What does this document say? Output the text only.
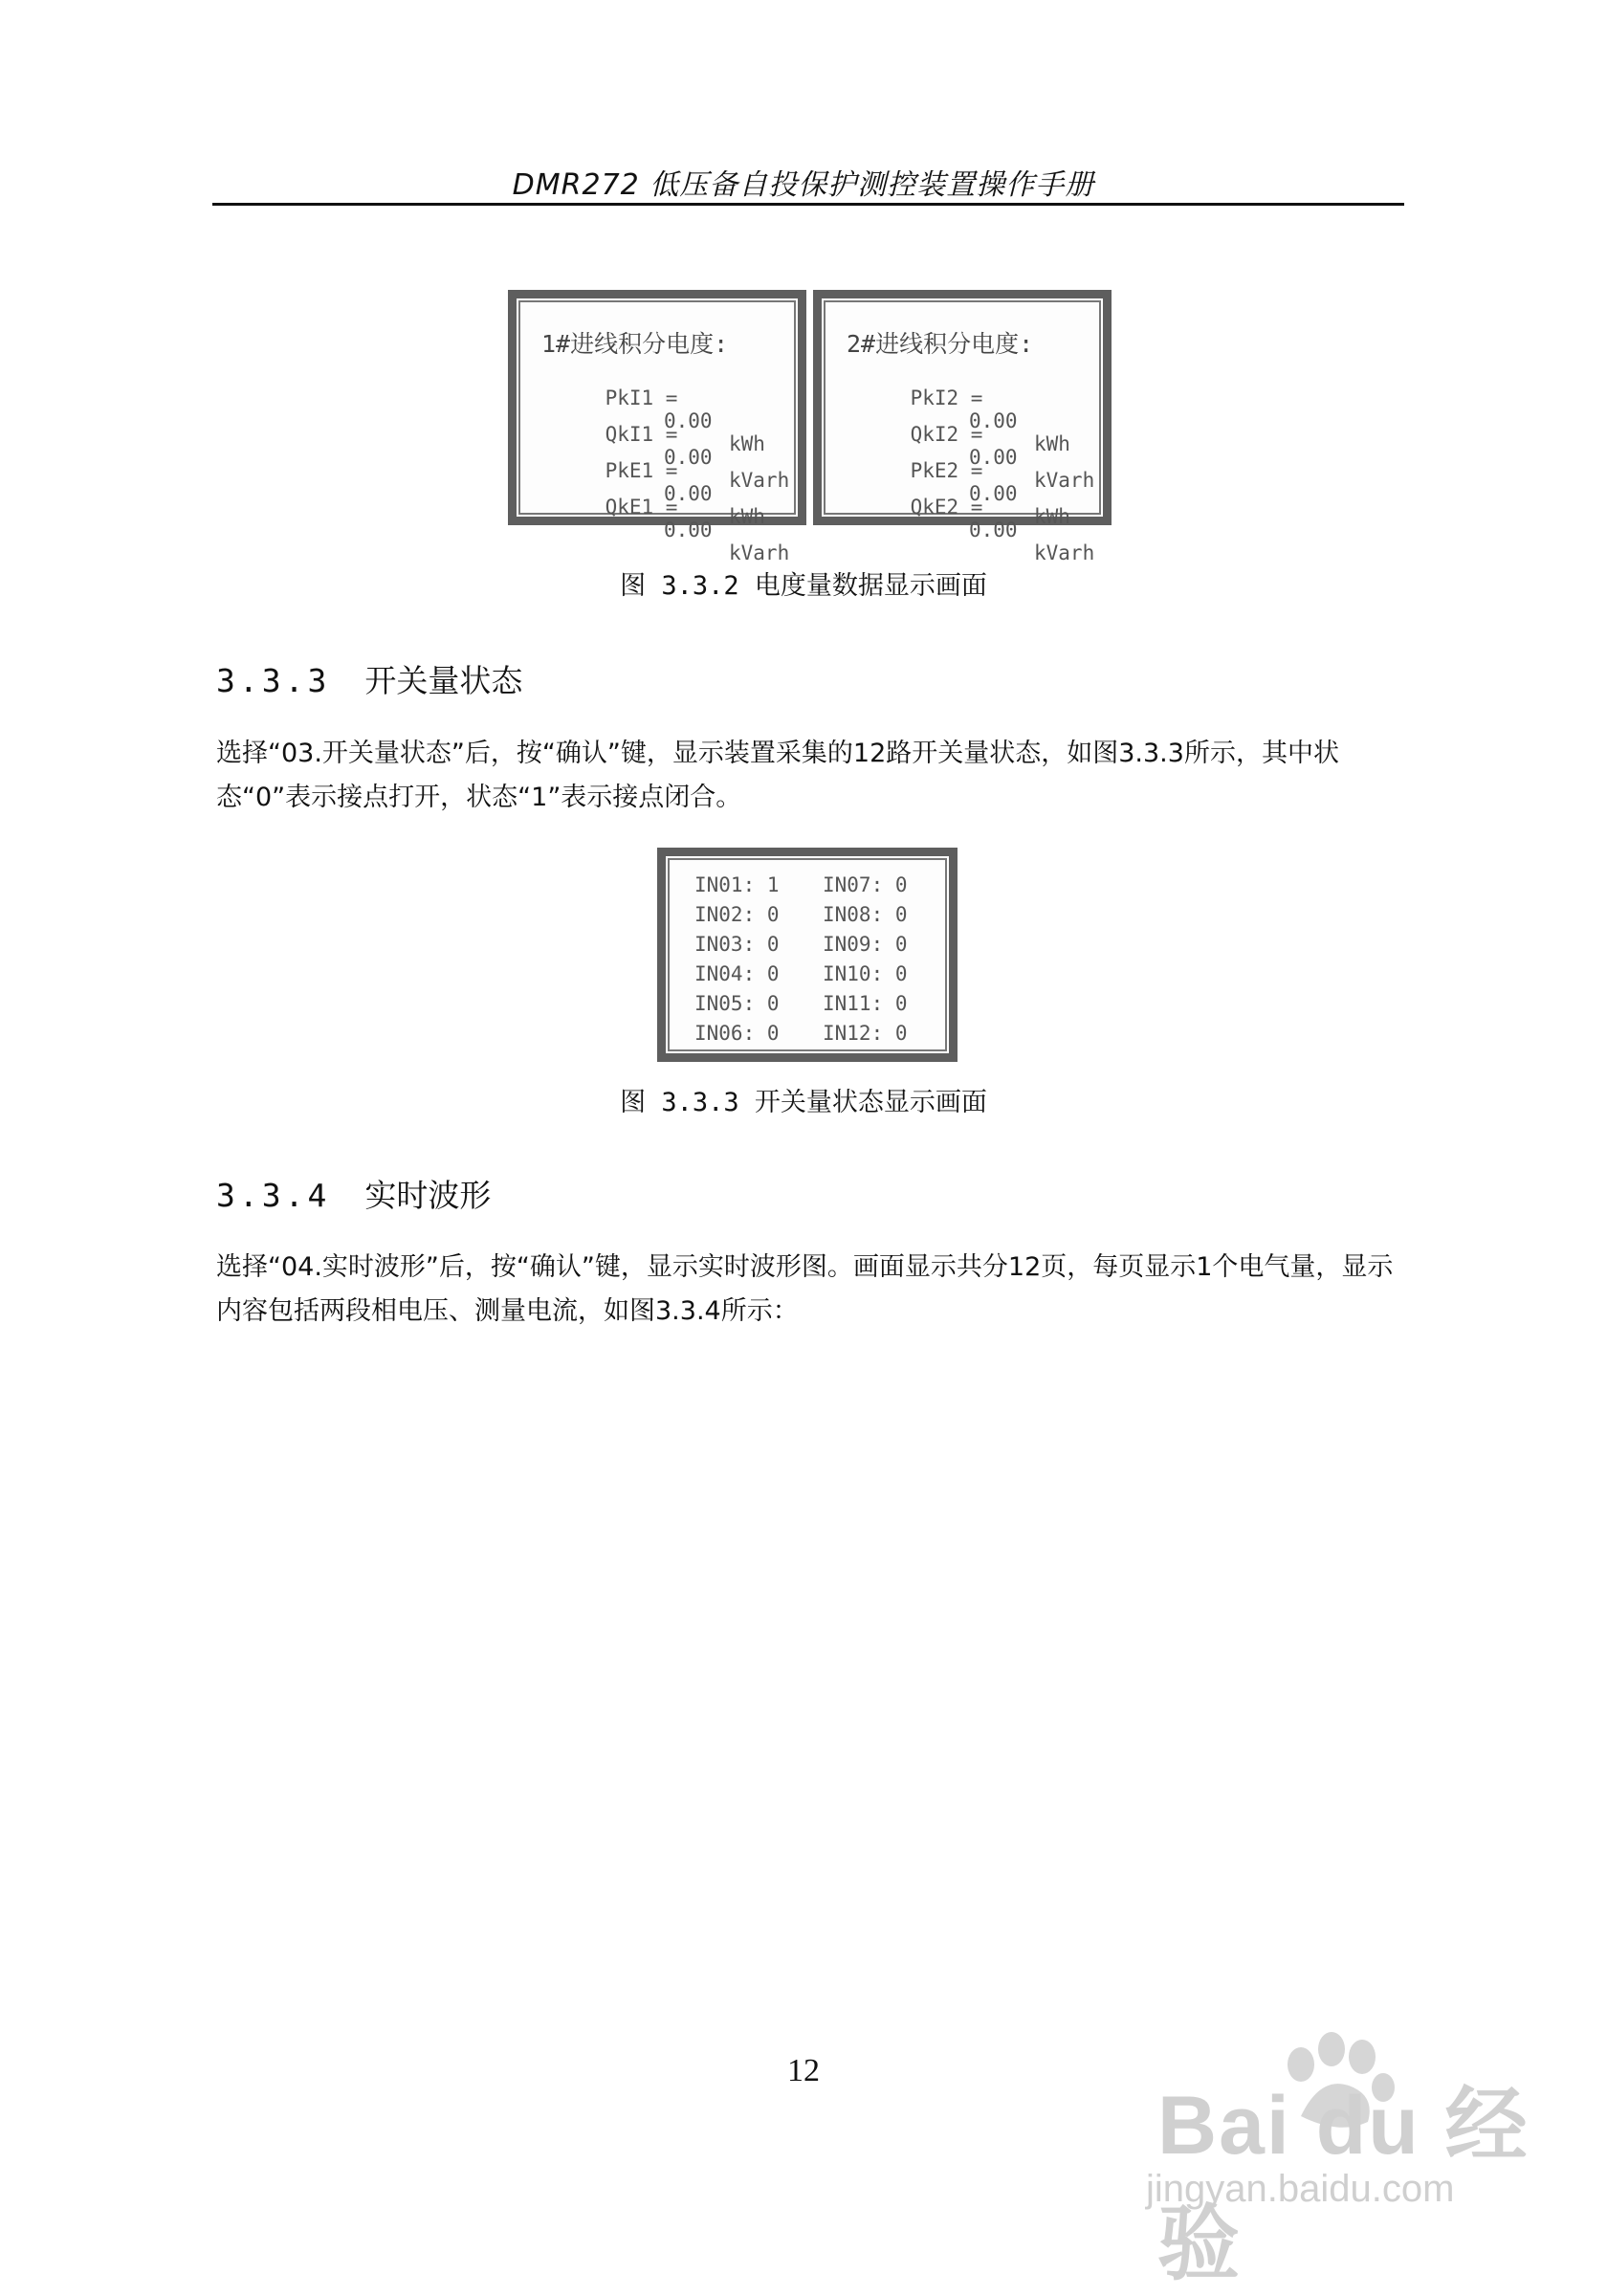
DMR272 低压备自投保护测控装置操作手册
1#进线积分电度:

PkI1 =

0.00

kWh

QkI1 =

0.00

kVarh

PkE1 =

0.00

kWh

QkE1 =

0.00

kVarh

2#进线积分电度:

PkI2 =

0.00

kWh

QkI2 =

0.00

kVarh

PkE2 =

0.00

kWh

QkE2 =

0.00

kVarh

图 3.3.2 电度量数据显示画面
3.3.3 开关量状态
选择“03.开关量状态”后，按“确认”键，显示装置采集的12路开关量状态，如图3.3.3所示，其中状态“0”表示接点打开，状态“1”表示接点闭合。
IN01: 1
IN02: 0
IN03: 0
IN04: 0
IN05: 0
IN06: 0
IN07: 0
IN08: 0
IN09: 0
IN10: 0
IN11: 0
IN12: 0
图 3.3.3 开关量状态显示画面
3.3.4 实时波形
选择“04.实时波形”后，按“确认”键，显示实时波形图。画面显示共分12页，每页显示1个电气量，显示内容包括两段相电压、测量电流，如图3.3.4所示：
12
Bai du 经验
jingyan.baidu.com
